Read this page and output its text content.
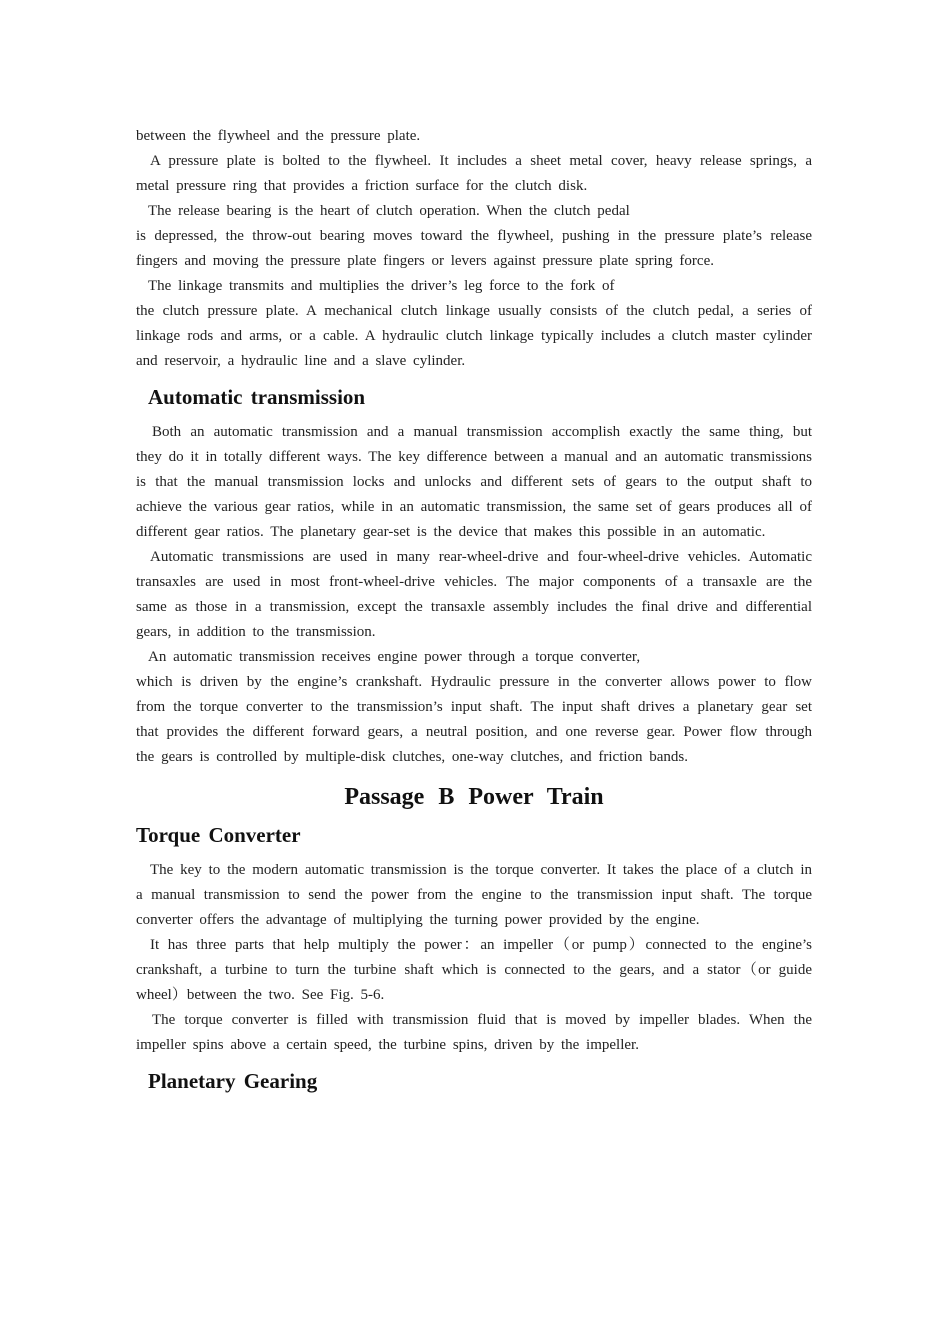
between the flywheel and the pressure plate.

A pressure plate is bolted to the flywheel. It includes a sheet metal cover, heavy release springs, a metal pressure ring that provides a friction surface for the clutch disk.

The release bearing is the heart of clutch operation. When the clutch pedal

is depressed, the throw-out bearing moves toward the flywheel, pushing in the pressure plate’s release fingers and moving the pressure plate fingers or levers against pressure plate spring force.

The linkage transmits and multiplies the driver’s leg force to the fork of

the clutch pressure plate. A mechanical clutch linkage usually consists of the clutch pedal, a series of linkage rods and arms, or a cable. A hydraulic clutch linkage typically includes a clutch master cylinder and reservoir, a hydraulic line and a slave cylinder.

Automatic transmission

Both an automatic transmission and a manual transmission accomplish exactly the same thing, but they do it in totally different ways. The key difference between a manual and an automatic transmissions is that the manual transmission locks and unlocks and different sets of gears to the output shaft to achieve the various gear ratios, while in an automatic transmission, the same set of gears produces all of different gear ratios. The planetary gear-set is the device that makes this possible in an automatic.

Automatic transmissions are used in many rear-wheel-drive and four-wheel-drive vehicles. Automatic transaxles are used in most front-wheel-drive vehicles. The major components of a transaxle are the same as those in a transmission, except the transaxle assembly includes the final drive and differential gears, in addition to the transmission.

An automatic transmission receives engine power through a torque converter,

which is driven by the engine’s crankshaft. Hydraulic pressure in the converter allows power to flow from the torque converter to the transmission’s input shaft. The input shaft drives a planetary gear set that provides the different forward gears, a neutral position, and one reverse gear. Power flow through the gears is controlled by multiple-disk clutches, one-way clutches, and friction bands.

Passage B Power Train
Torque Converter

The key to the modern automatic transmission is the torque converter. It takes the place of a clutch in a manual transmission to send the power from the engine to the transmission input shaft. The torque converter offers the advantage of multiplying the turning power provided by the engine.

It has three parts that help multiply the power：an impeller（or pump）connected to the engine’s crankshaft, a turbine to turn the turbine shaft which is connected to the gears, and a stator（or guide wheel）between the two. See Fig. 5-6.

The torque converter is filled with transmission fluid that is moved by impeller blades. When the impeller spins above a certain speed, the turbine spins, driven by the impeller.

Planetary Gearing
